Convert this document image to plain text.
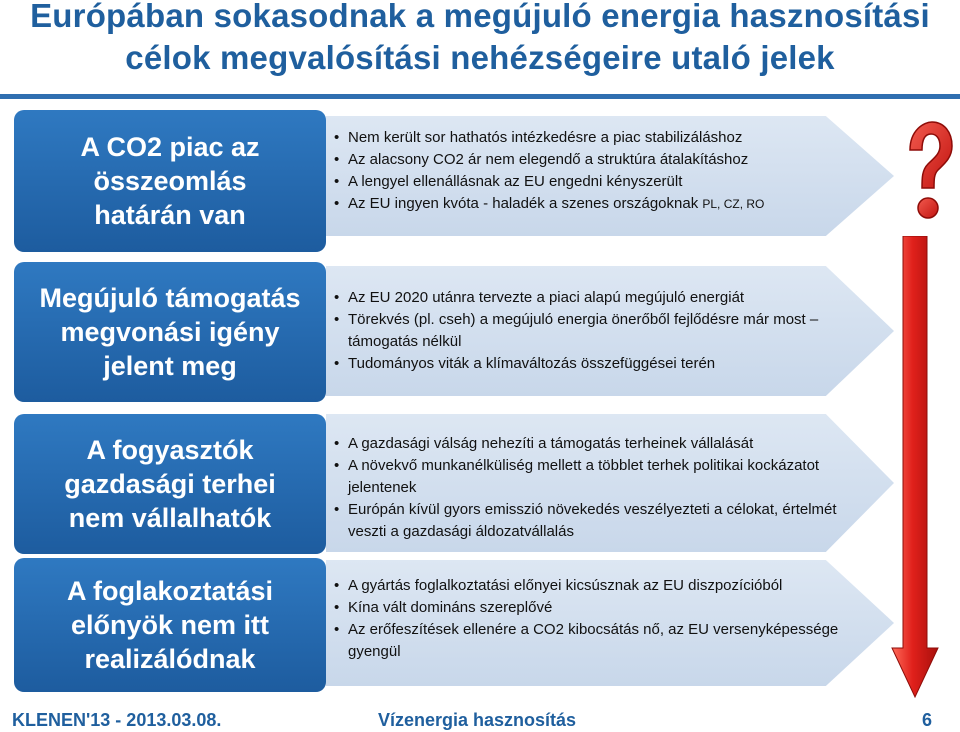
Európában sokasodnak a megújuló energia hasznosítási
célok megvalósítási nehézségeire utaló jelek
A CO2 piac az
összeomlás
határán van
• Nem került sor hathatós intézkedésre a piac stabilizáláshoz
• Az alacsony CO2 ár nem elegendő a struktúra átalakításhoz
• A lengyel ellenállásnak az EU engedni kényszerült
• Az EU ingyen kvóta - haladék a szenes országoknak PL, CZ, RO
Megújuló támogatás
megvonási igény
jelent meg
• Az EU 2020 utánra tervezte a piaci alapú megújuló energiát
• Törekvés (pl. cseh) a megújuló energia önerőből fejlődésre már most – támogatás nélkül
• Tudományos viták a klímaváltozás összefüggései terén
A fogyasztók
gazdasági terhei
nem vállalhatók
• A gazdasági válság nehezíti a támogatás terheinek vállalását
• A növekvő munkanélküliség mellett a többlet terhek politikai kockázatot jelentenek
• Európán kívül gyors emisszió növekedés veszélyezteti a célokat, értelmét veszti a gazdasági áldozatvállalás
A foglakoztatási
előnyök nem itt
realizálódnak
• A gyártás foglalkoztatási előnyei kicsúsznak az EU diszpozícióból
• Kína vált domináns szereplővé
• Az erőfeszítések ellenére a CO2 kibocsátás nő, az EU versenyképessége gyengül
KLENEN'13 - 2013.03.08.	Vízenergia hasznosítás	6
